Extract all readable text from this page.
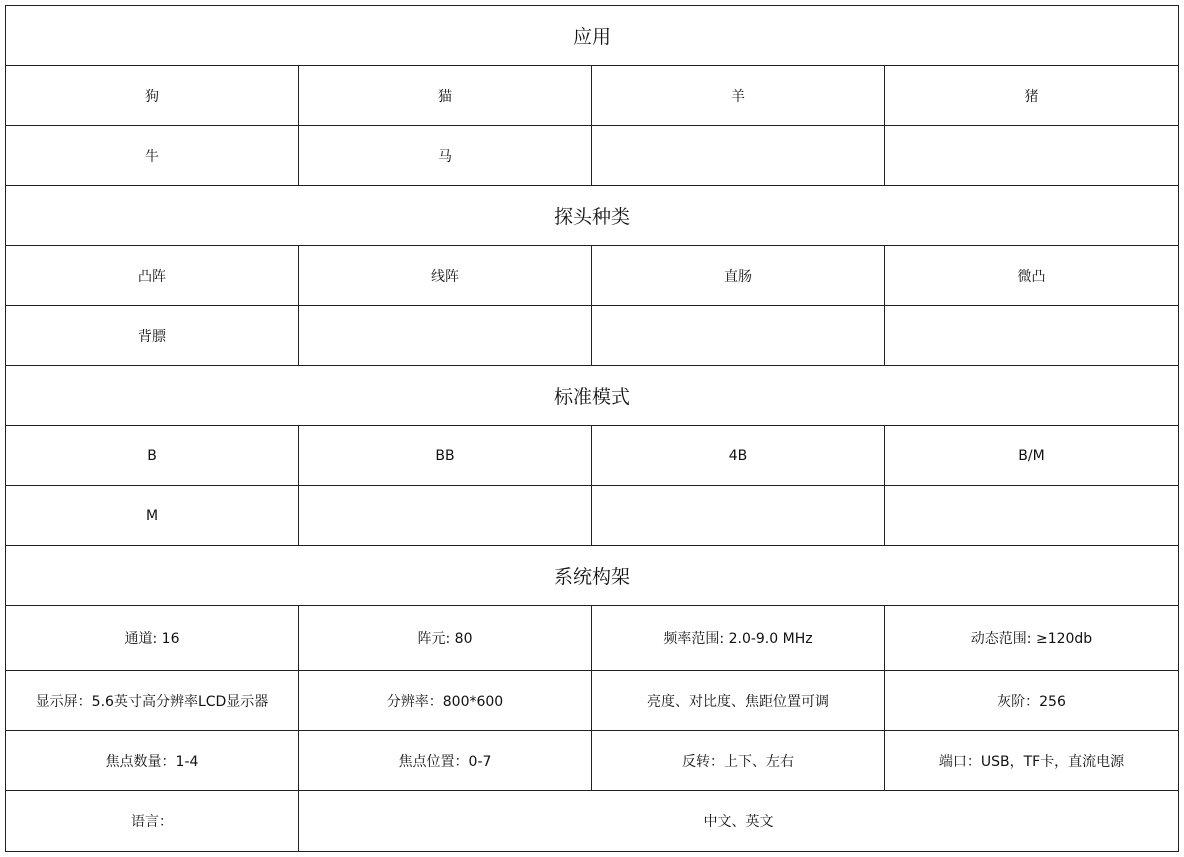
应用			
狗	猫	羊	猪
牛	马		
探头种类			
凸阵	线阵	直肠	微凸
背膘			
标准模式			
B	BB	4B	B/M
M			
系统构架			
通道: 16	阵元: 80	频率范围: 2.0-9.0 MHz	动态范围: ≥120db
显示屏：5.6英寸高分辨率LCD显示器	分辨率：800*600	亮度、对比度、焦距位置可调	灰阶：256
焦点数量：1-4	焦点位置：0-7	反转：上下、左右	端口：USB，TF卡，直流电源
语言：	中文、英文		
